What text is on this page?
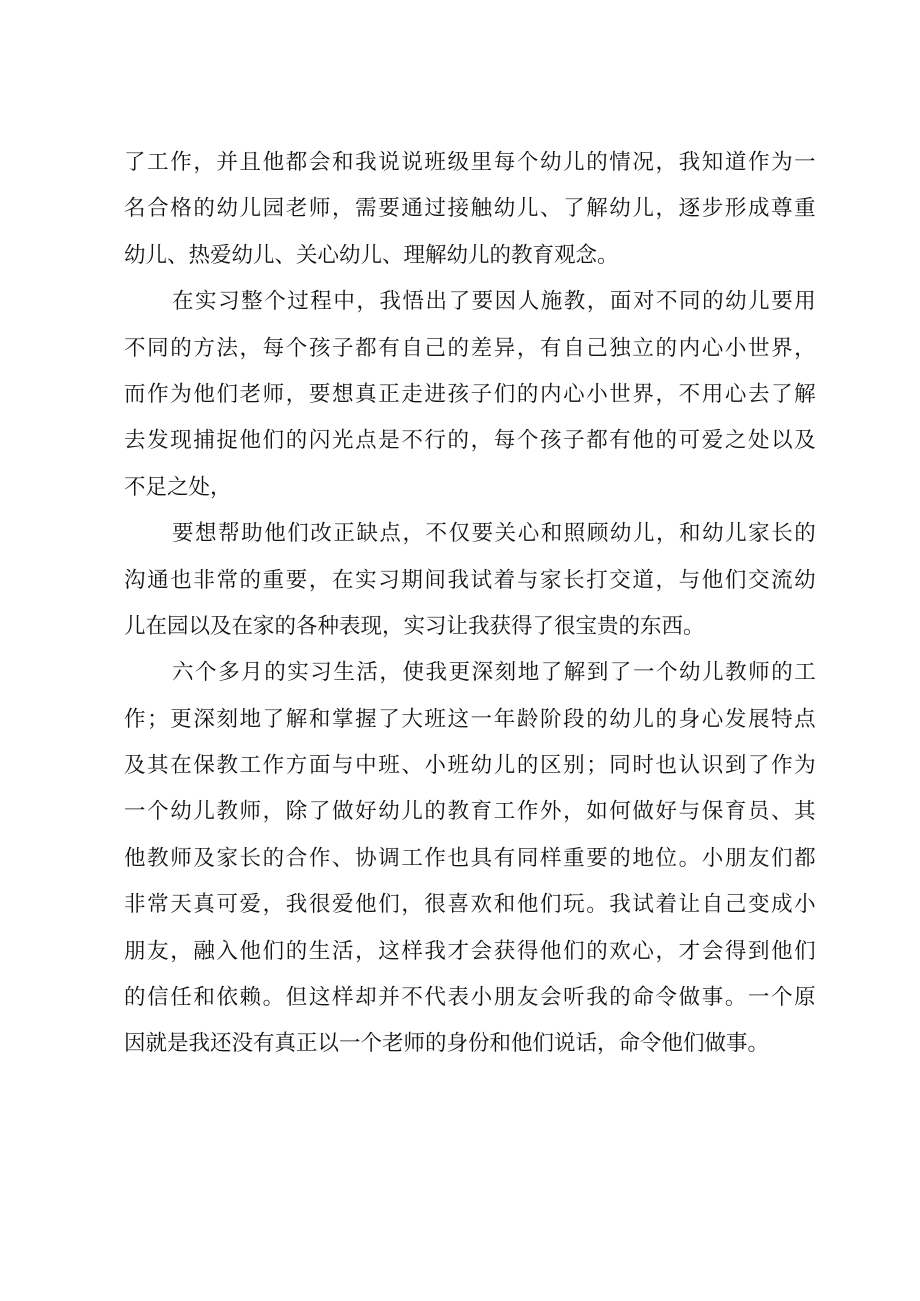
了 工 作 ， 并 且 他 都 会 和 我 说 说 班 级 里 每 个 幼 儿 的 情 况 ， 我 知 道 作 为 一
名 合 格 的 幼 儿 园 老 师 ， 需 要 通 过 接 触 幼 儿 、 了 解 幼 儿 ， 逐 步 形 成 尊 重
幼儿、热爱幼儿、关心幼儿、理解幼儿的教育观念。
在 实 习 整 个 过 程 中 ， 我 悟 出 了 要 因 人 施 教 ， 面 对 不 同 的 幼 儿 要 用
不 同 的 方 法 ， 每 个 孩 子 都 有 自 己 的 差 异 ， 有 自 己 独 立 的 内 心 小 世 界 ，
而 作 为 他 们 老 师 ， 要 想 真 正 走 进 孩 子 们 的 内 心 小 世 界 ， 不 用 心 去 了 解
去 发 现 捕 捉 他 们 的 闪 光 点 是 不 行 的 ， 每 个 孩 子 都 有 他 的 可 爱 之 处 以 及
不足之处，
要 想 帮 助 他 们 改 正 缺 点 ， 不 仅 要 关 心 和 照 顾 幼 儿 ， 和 幼 儿 家 长 的
沟 通 也 非 常 的 重 要 ， 在 实 习 期 间 我 试 着 与 家 长 打 交 道 ， 与 他 们 交 流 幼
儿在园以及在家的各种表现，实习让我获得了很宝贵的东西。
六 个 多 月 的 实 习 生 活 ， 使 我 更 深 刻 地 了 解 到 了 一 个 幼 儿 教 师 的 工
作 ； 更 深 刻 地 了 解 和 掌 握 了 大 班 这 一 年 龄 阶 段 的 幼 儿 的 身 心 发 展 特 点
及 其 在 保 教 工 作 方 面 与 中 班 、 小 班 幼 儿 的 区 别 ； 同 时 也 认 识 到 了 作 为
一 个 幼 儿 教 师 ， 除 了 做 好 幼 儿 的 教 育 工 作 外 ， 如 何 做 好 与 保 育 员 、 其
他 教 师 及 家 长 的 合 作 、 协 调 工 作 也 具 有 同 样 重 要 的 地 位 。 小 朋 友 们 都
非 常 天 真 可 爱 ， 我 很 爱 他 们 ， 很 喜 欢 和 他 们 玩 。 我 试 着 让 自 己 变 成 小
朋 友 ， 融 入 他 们 的 生 活 ， 这 样 我 才 会 获 得 他 们 的 欢 心 ， 才 会 得 到 他 们
的 信 任 和 依 赖 。 但 这 样 却 并 不 代 表 小 朋 友 会 听 我 的 命 令 做 事 。 一 个 原
因就是我还没有真正以一个老师的身份和他们说话，命令他们做事。
